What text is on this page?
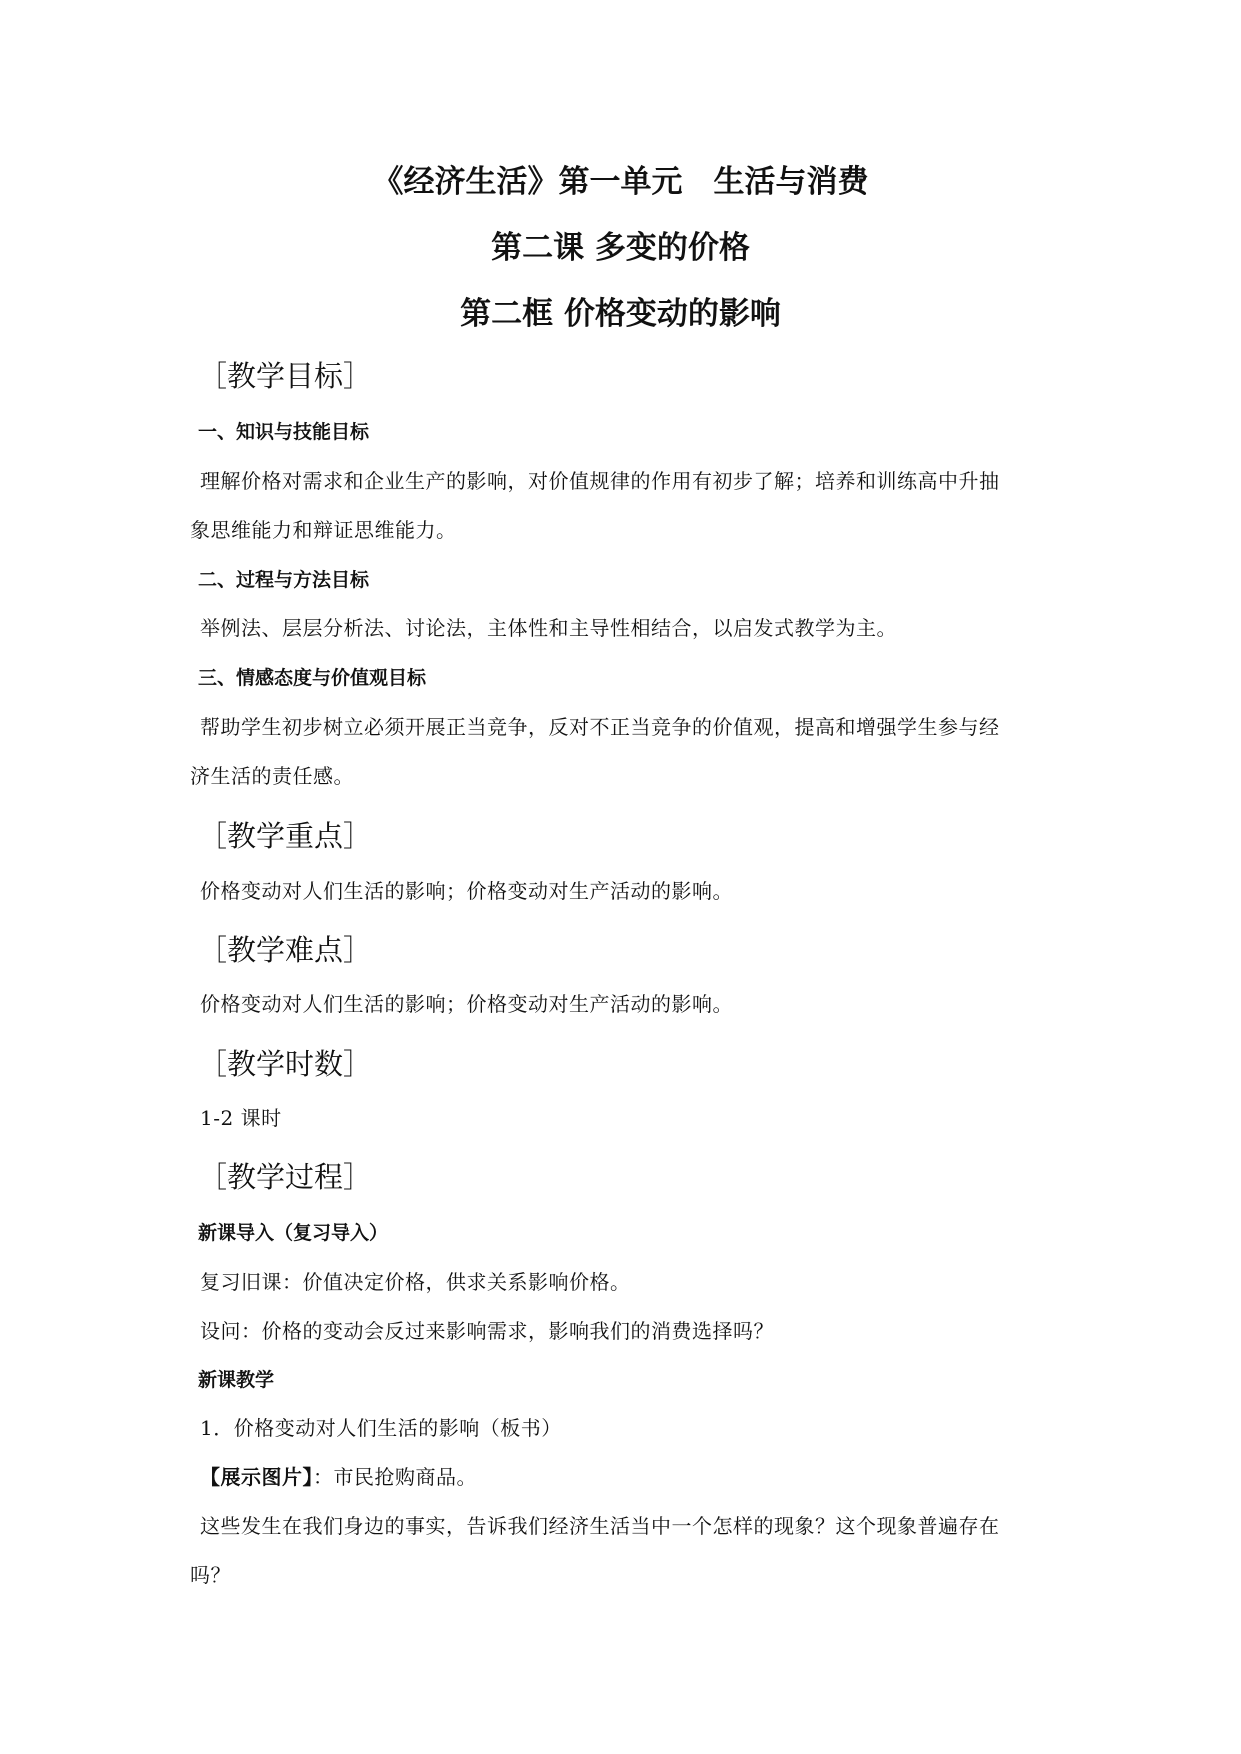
《经济生活》第一单元　生活与消费
第二课 多变的价格
第二框 价格变动的影响
［教学目标］
一、知识与技能目标
理解价格对需求和企业生产的影响，对价值规律的作用有初步了解；培养和训练高中升抽
象思维能力和辩证思维能力。
二、过程与方法目标
举例法、层层分析法、讨论法，主体性和主导性相结合，以启发式教学为主。
三、情感态度与价值观目标
帮助学生初步树立必须开展正当竞争，反对不正当竞争的价值观，提高和增强学生参与经
济生活的责任感。
［教学重点］
价格变动对人们生活的影响；价格变动对生产活动的影响。
［教学难点］
价格变动对人们生活的影响；价格变动对生产活动的影响。
［教学时数］
1-2 课时
［教学过程］
新课导入（复习导入）
复习旧课：价值决定价格，供求关系影响价格。
设问：价格的变动会反过来影响需求，影响我们的消费选择吗？
新课教学
1．价格变动对人们生活的影响（板书）
【展示图片】：市民抢购商品。
这些发生在我们身边的事实，告诉我们经济生活当中一个怎样的现象？这个现象普遍存在
吗？
